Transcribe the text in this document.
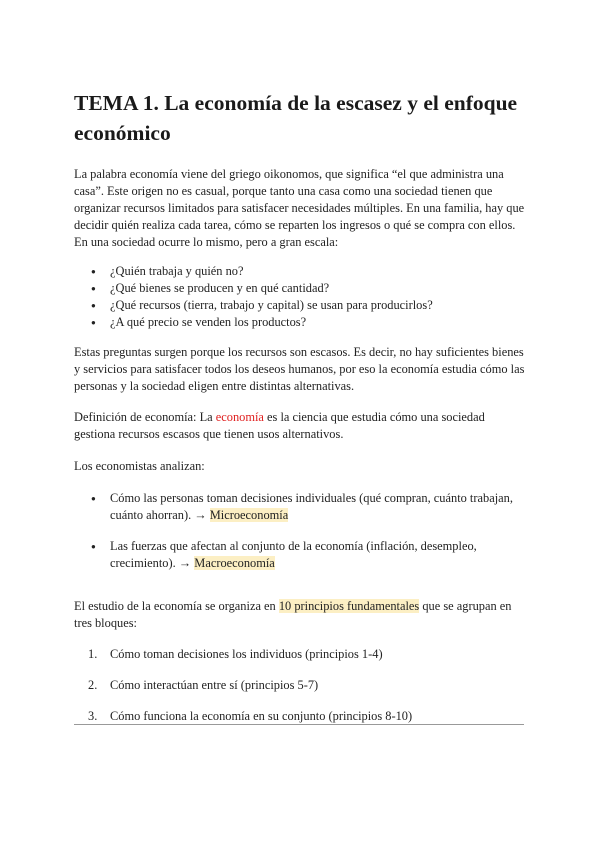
TEMA 1. La economía de la escasez y el enfoque económico

La palabra economía viene del griego oikonomos, que significa “el que administra una casa”. Este origen no es casual, porque tanto una casa como una sociedad tienen que organizar recursos limitados para satisfacer necesidades múltiples. En una familia, hay que decidir quién realiza cada tarea, cómo se reparten los ingresos o qué se compra con ellos. En una sociedad ocurre lo mismo, pero a gran escala:

● ¿Quién trabaja y quién no?
● ¿Qué bienes se producen y en qué cantidad?
● ¿Qué recursos (tierra, trabajo y capital) se usan para producirlos?
● ¿A qué precio se venden los productos?

Estas preguntas surgen porque los recursos son escasos. Es decir, no hay suficientes bienes y servicios para satisfacer todos los deseos humanos, por eso la economía estudia cómo las personas y la sociedad eligen entre distintas alternativas.

Definición de economía: La economía es la ciencia que estudia cómo una sociedad gestiona recursos escasos que tienen usos alternativos.

Los economistas analizan:

● Cómo las personas toman decisiones individuales (qué compran, cuánto trabajan, cuánto ahorran). → Microeconomía
● Las fuerzas que afectan al conjunto de la economía (inflación, desempleo, crecimiento). → Macroeconomía

El estudio de la economía se organiza en 10 principios fundamentales que se agrupan en tres bloques:

1. Cómo toman decisiones los individuos (principios 1-4)
2. Cómo interactúan entre sí (principios 5-7)
3. Cómo funciona la economía en su conjunto (principios 8-10)
